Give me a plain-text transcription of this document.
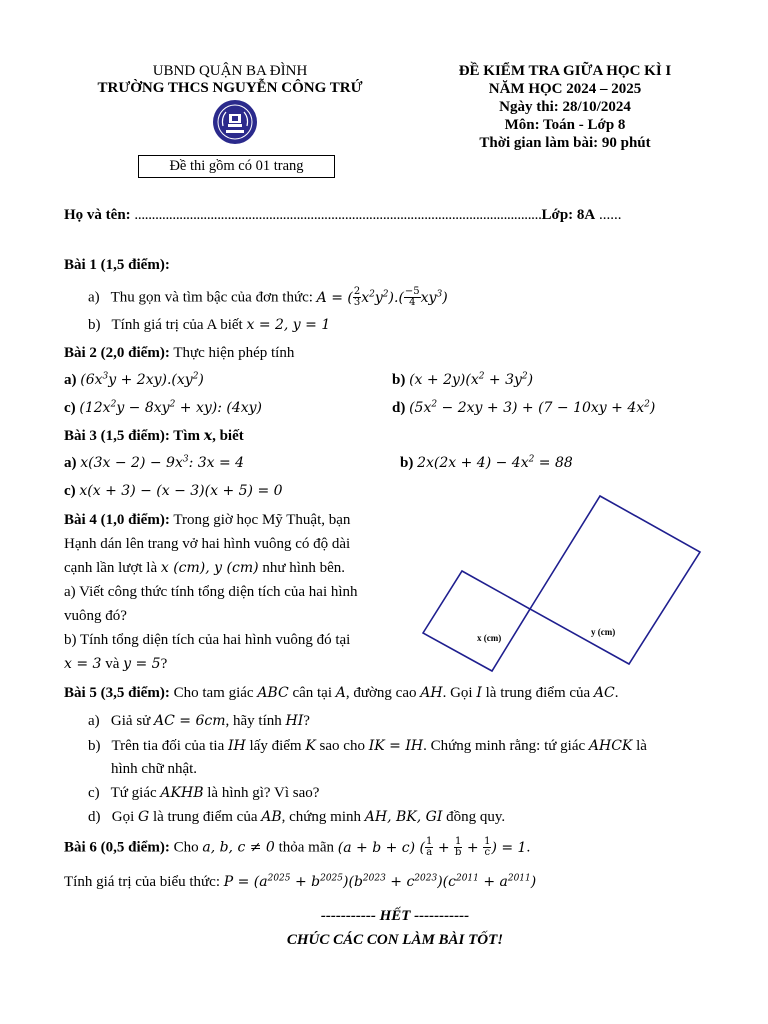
UBND QUẬN BA ĐÌNH
TRƯỜNG THCS NGUYỄN CÔNG TRỨ
Đề thi gồm có 01 trang
ĐỀ KIỂM TRA GIỮA HỌC KÌ I
NĂM HỌC 2024 – 2025
Ngày thi: 28/10/2024
Môn: Toán - Lớp 8
Thời gian làm bài: 90 phút
Họ và tên: ......................................................................................................................Lớp: 8A ......
Bài 1 (1,5 điểm):
a) Thu gọn và tìm bậc của đơn thức: A = ( $\frac{2}{3} x^2y^2).( \frac{-5}{4} xy^3)$
b) Tính giá trị của A biết x = 2, y = 1
Bài 2 (2,0 điểm): Thực hiện phép tính
a) $(6x^3y + 2xy).(xy^2)$	b) $(x + 2y)(x^2 + 3y^2)$
c) $(12x^2y - 8xy^2 + xy)$: (4xy)	d) $(5x^2 - 2xy + 3) + (7 - 10xy + 4x^2)$
Bài 3 (1,5 điểm): Tìm x, biết
a) $x(3x - 2) - 9x^3$: 3x = 4	b) $2x(2x + 4) - 4x^2 = 88$
c) x(x + 3) − (x − 3)(x + 5) = 0
Bài 4 (1,0 điểm): Trong giờ học Mỹ Thuật, bạn
Hạnh dán lên trang vở hai hình vuông có độ dài
cạnh lần lượt là x (cm), y (cm) như hình bên.
a) Viết công thức tính tổng diện tích của hai hình
vuông đó?
b) Tính tổng diện tích của hai hình vuông đó tại
x = 3 và y = 5?
x (cm)
y (cm)
Bài 5 (3,5 điểm): Cho tam giác ABC cân tại A, đường cao AH. Gọi I là trung điểm của AC.
a) Giả sử AC = 6cm, hãy tính HI?
b) Trên tia đối của tia IH lấy điểm K sao cho IK = IH. Chứng minh rằng: tứ giác AHCK là
hình chữ nhật.
c) Tứ giác AKHB là hình gì? Vì sao?
d) Gọi G là trung điểm của AB, chứng minh AH, BK, GI đồng quy.
Bài 6 (0,5 điểm): Cho a, b, c ≠ 0 thỏa mãn (a + b + c) ( $\frac{1}{a} + \frac{1}{b} + \frac{1}{c}$ ) = 1.
Tính giá trị của biểu thức: $P = (a^{2025} + b^{2025})(b^{2023} + c^{2023})(c^{2011} + a^{2011})$
----------- HẾT -----------
CHÚC CÁC CON LÀM BÀI TỐT!
